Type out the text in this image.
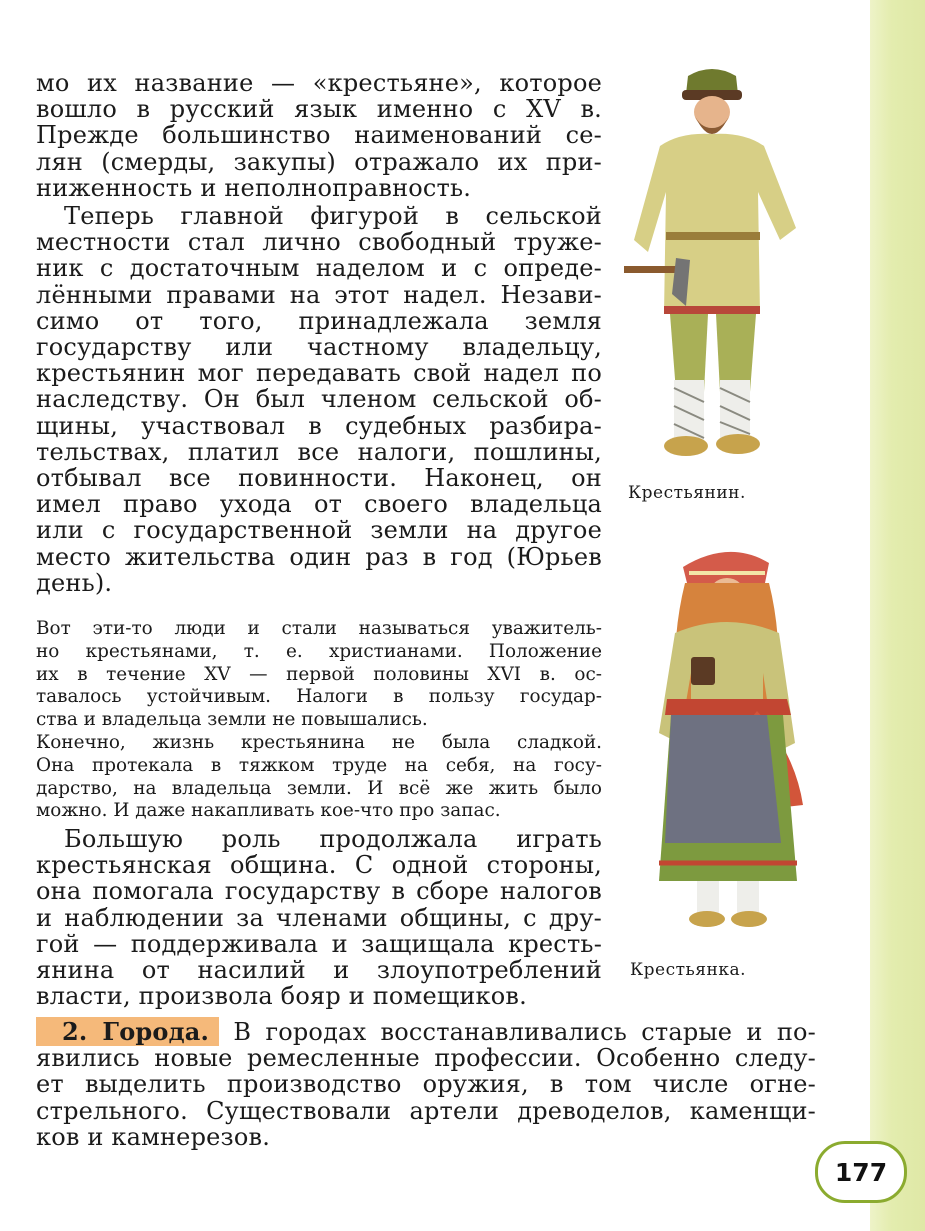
мо их название — «крестьяне», которое
вошло в русский язык именно с XV в.
Прежде большинство наименований се-
лян (смерды, закупы) отражало их при-
ниженность и неполноправность.

Теперь главной фигурой в сельской
местности стал лично свободный труже-
ник с достаточным наделом и с опреде-
лёнными правами на этот надел. Незави-
симо от того, принадлежала земля
государству или частному владельцу,
крестьянин мог передавать свой надел по
наследству. Он был членом сельской об-
щины, участвовал в судебных разбира-
тельствах, платил все налоги, пошлины,
отбывал все повинности. Наконец, он
имел право ухода от своего владельца
или с государственной земли на другое
место жительства один раз в год (Юрьев
день).

Вот эти-то люди и стали называться уважитель-
но крестьянами, т. е. христианами. Положение
их в течение XV — первой половины XVI в. ос-
тавалось устойчивым. Налоги в пользу государ-
ства и владельца земли не повышались.
Конечно, жизнь крестьянина не была сладкой.
Она протекала в тяжком труде на себя, на госу-
дарство, на владельца земли. И всё же жить было
можно. И даже накапливать кое-что про запас.

Большую роль продолжала играть
крестьянская община. С одной стороны,
она помогала государству в сборе налогов
и наблюдении за членами общины, с дру-
гой — поддерживала и защищала кресть-
янина от насилий и злоупотреблений
власти, произвола бояр и помещиков.

2. Города. В городах восстанавливались старые и по-
явились новые ремесленные профессии. Особенно следу-
ет выделить производство оружия, в том числе огне-
стрельного. Существовали артели древоделов, каменщи-
ков и камнерезов.

Крестьянин.
Крестьянка.
177
